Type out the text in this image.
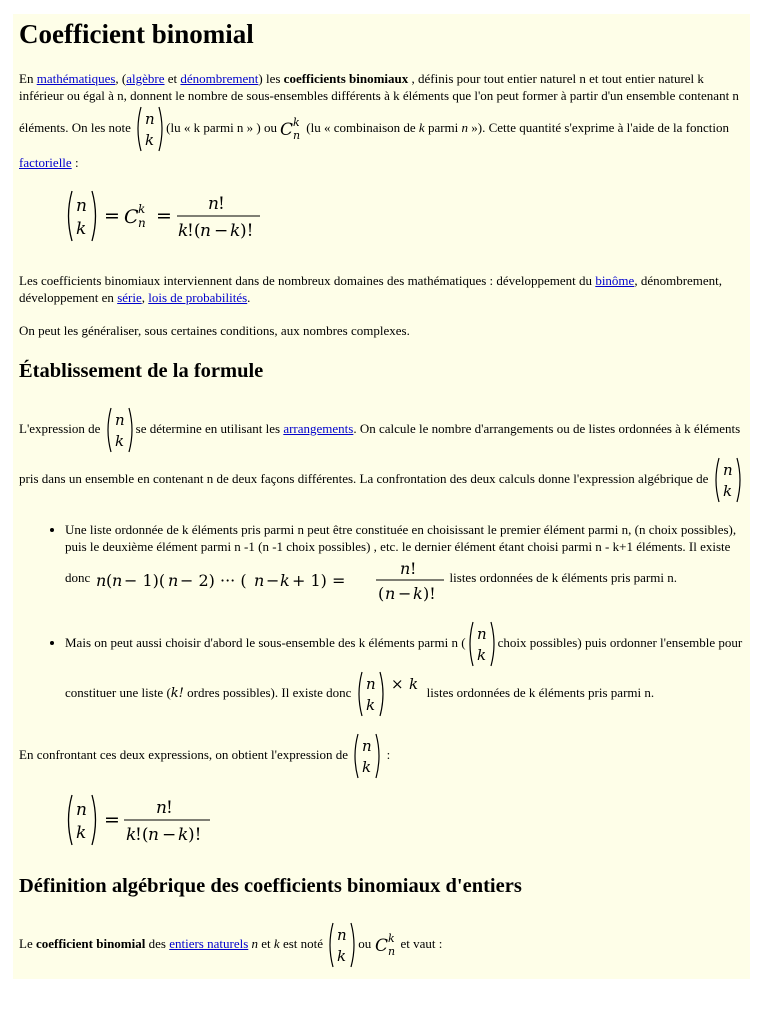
Coefficient binomial

En mathématiques, (algèbre et dénombrement) les coefficients binomiaux , définis pour tout entier naturel n et tout entier naturel k inférieur ou égal à n, donnent le nombre de sous-ensembles différents à k éléments que l'on peut former à partir d'un ensemble contenant n éléments. On les note n
k
(lu « k parmi n » ) ou C k
n
(lu « combinaison de k parmi n »). Cette quantité s'exprime à l'aide de la fonction factorielle :

n
k
= C k
n =
n !
k
!( n − k )!

Les coefficients binomiaux interviennent dans de nombreux domaines des mathématiques : développement du binôme, dénombrement, développement en série, lois de probabilités.

On peut les généraliser, sous certaines conditions, aux nombres complexes.

Établissement de la formule

L'expression de n
k
se détermine en utilisant les arrangements. On calcule le nombre d'arrangements ou de listes ordonnées à k éléments pris dans un ensemble en contenant n de deux façons différentes. La confrontation des deux calculs donne l'expression algébrique de n
k

• Une liste ordonnée de k éléments pris parmi n peut être constituée en choisissant le premier élément parmi n, (n choix possibles), puis le deuxième élément parmi n -1 (n -1 choix possibles) , etc. le dernier élément étant choisi parmi n - k+1 éléments. Il existe donc n ( n − 1)( n − 2) ··· ( n − k + 1) =
n !
( n − k )!
listes ordonnées de k éléments pris parmi n.
• Mais on peut aussi choisir d'abord le sous-ensemble des k éléments parmi n ( n
k
choix possibles) puis ordonner l'ensemble pour constituer une liste (k! ordres possibles). Il existe donc n
k
× k listes ordonnées de k éléments pris parmi n.

En confrontant ces deux expressions, on obtient l'expression de n
k
:

n
k
=
n !
k
!( n − k )!
Définition algébrique des coefficients binomiaux d'entiers

Le coefficient binomial des entiers naturels n et k est noté n
k
ou C k
n
et vaut :
